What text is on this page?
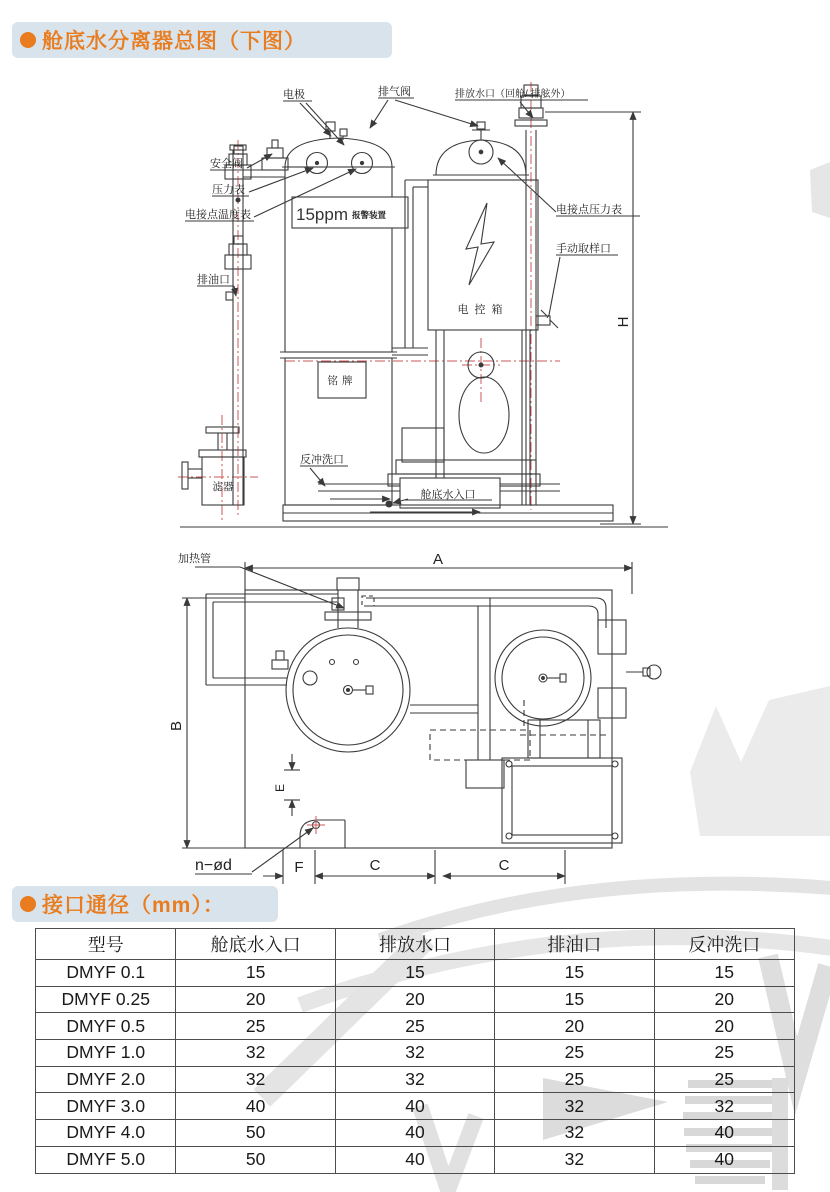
舱底水分离器总图（下图）
电极	排气阀	排放水口（回舱/ 排舷外）
安全阀
压力表
电接点温度表
排油口
15ppm 报警装置	电接点压力表
手动取样口
电控箱
铭牌
反冲洗口
舱底水入口
滤器
H
加热管	A
B
E
F	C	C
n−ød
接口通径（mm）：
型号	舱底水入口	排放水口	排油口	反冲洗口
DMYF 0.1	15	15	15	15
DMYF 0.25	20	20	15	20
DMYF 0.5	25	25	20	20
DMYF 1.0	32	32	25	25
DMYF 2.0	32	32	25	25
DMYF 3.0	40	40	32	32
DMYF 4.0	50	40	32	40
DMYF 5.0	50	40	32	40
